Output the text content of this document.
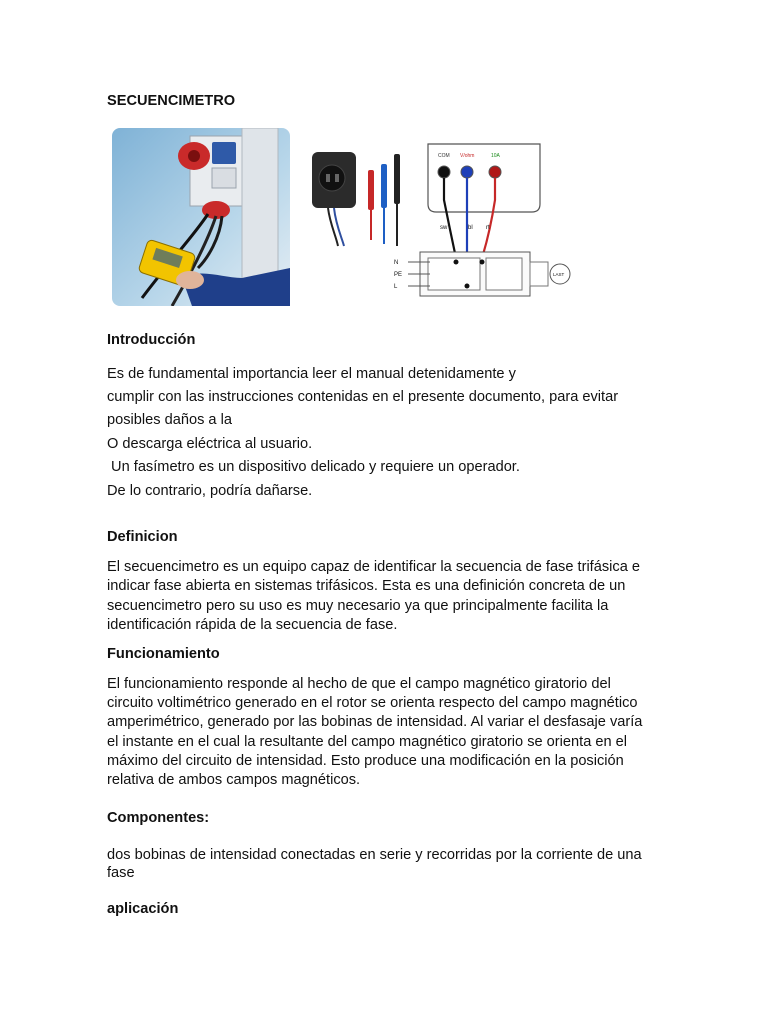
SECUENCIMETRO

COM V/ohm	10A
sw	bl rt
N
PE
L
LAST

Introducción

Es de fundamental importancia leer el manual detenidamente y

cumplir con las instrucciones contenidas en el presente documento, para evitar

posibles daños a la

O descarga eléctrica al usuario.

Un fasímetro es un dispositivo delicado y requiere un operador.

De lo contrario, podría dañarse.

Definicion

El secuencimetro es un equipo capaz de identificar la secuencia de fase trifásica e

indicar fase abierta en sistemas trifásicos. Esta es una definición concreta de un

secuencimetro pero su uso es muy necesario ya que principalmente facilita la

identificación rápida de la secuencia de fase.

Funcionamiento

El funcionamiento responde al hecho de que el campo magnético giratorio del

circuito voltimétrico generado en el rotor se orienta respecto del campo magnético

amperimétrico, generado por las bobinas de intensidad. Al variar el desfasaje varía

el instante en el cual la resultante del campo magnético giratorio se orienta en el

máximo del circuito de intensidad. Esto produce una modificación en la posición

relativa de ambos campos magnéticos.

Componentes:

dos bobinas de intensidad conectadas en serie y recorridas por la corriente de una

fase

aplicación
